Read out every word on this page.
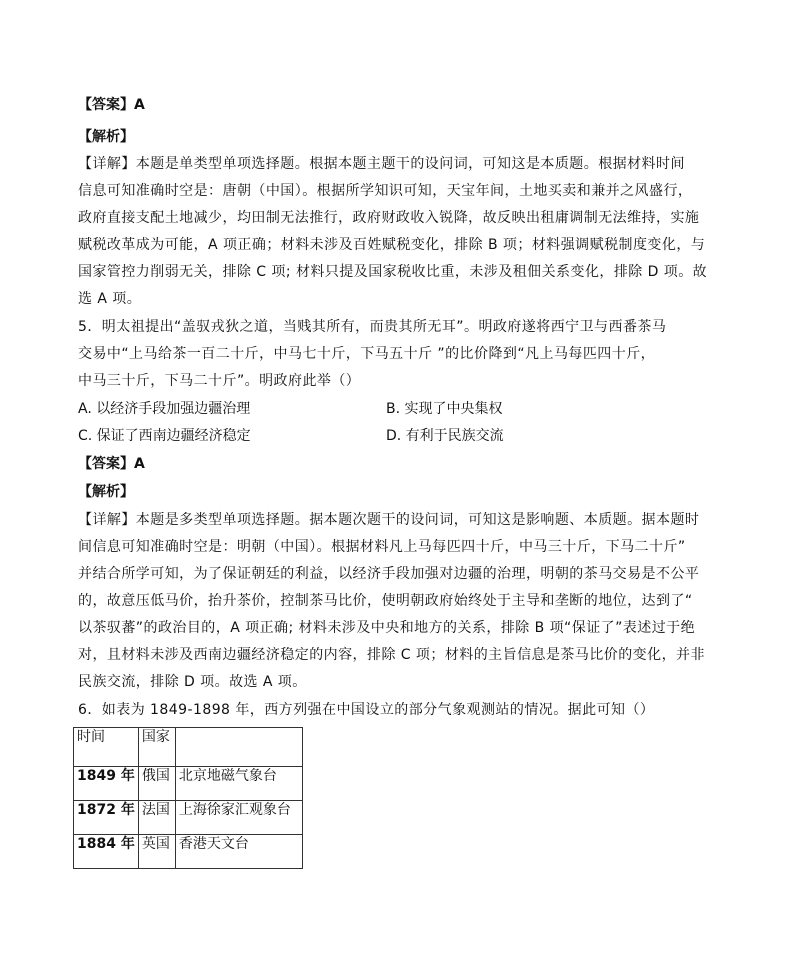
【答案】A
【解析】
【详解】本题是单类型单项选择题。根据本题主题干的设问词，可知这是本质题。根据材料时间
信息可知准确时空是：唐朝（中国）。根据所学知识可知，天宝年间，土地买卖和兼并之风盛行，
政府直接支配土地减少，均田制无法推行，政府财政收入锐降，故反映出租庸调制无法维持，实施
赋税改革成为可能，A 项正确；材料未涉及百姓赋税变化，排除 B 项；材料强调赋税制度变化，与
国家管控力削弱无关，排除 C 项; 材料只提及国家税收比重，未涉及租佃关系变化，排除 D 项。故
选 A 项。
5．明太祖提出“盖驭戎狄之道，当贱其所有，而贵其所无耳”。明政府遂将西宁卫与西番茶马
交易中“上马给茶一百二十斤，中马七十斤，下马五十斤 ”的比价降到“凡上马每匹四十斤，
中马三十斤，下马二十斤”。明政府此举（）
A. 以经济手段加强边疆治理	B. 实现了中央集权
C. 保证了西南边疆经济稳定	D. 有利于民族交流
【答案】A
【解析】
【详解】本题是多类型单项选择题。据本题次题干的设问词，可知这是影响题、本质题。据本题时
间信息可知准确时空是：明朝（中国）。根据材料凡上马每匹四十斤，中马三十斤，下马二十斤”
并结合所学可知，为了保证朝廷的利益，以经济手段加强对边疆的治理，明朝的茶马交易是不公平
的，故意压低马价，抬升茶价，控制茶马比价，使明朝政府始终处于主导和垄断的地位，达到了“
以茶驭蕃”的政治目的，A 项正确; 材料未涉及中央和地方的关系，排除 B 项“保证了”表述过于绝
对，且材料未涉及西南边疆经济稳定的内容，排除 C 项；材料的主旨信息是茶马比价的变化，并非
民族交流，排除 D 项。故选 A 项。
6．如表为 1849-1898 年，西方列强在中国设立的部分气象观测站的情况。据此可知（）
时间	国家	
1849 年	俄国	北京地磁气象台
1872 年	法国	上海徐家汇观象台
1884 年	英国	香港天文台
